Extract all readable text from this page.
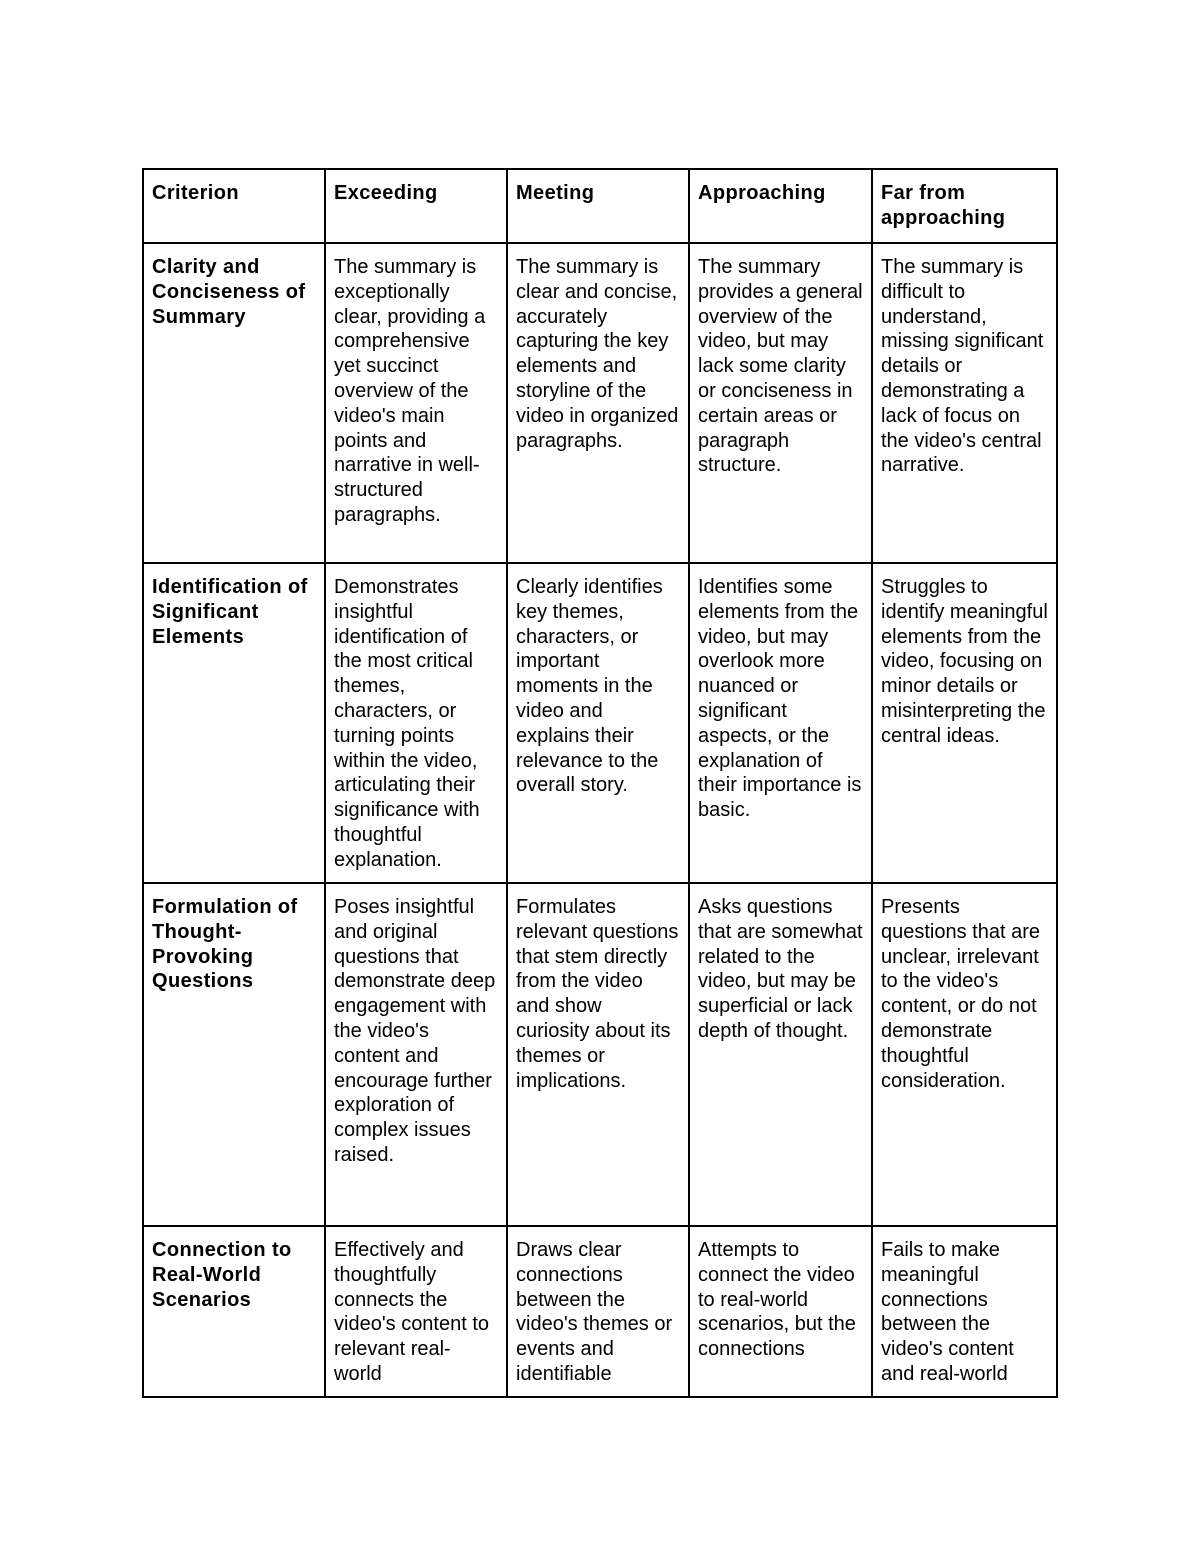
Criterion	Exceeding	Meeting	Approaching	Far from approaching
Clarity and Conciseness of Summary	The summary is exceptionally clear, providing a comprehensive yet succinct overview of the video's main points and narrative in well-structured paragraphs.	The summary is clear and concise, accurately capturing the key elements and storyline of the video in organized paragraphs.	The summary provides a general overview of the video, but may lack some clarity or conciseness in certain areas or paragraph structure.	The summary is difficult to understand, missing significant details or demonstrating a lack of focus on the video's central narrative.
Identification of Significant Elements	Demonstrates insightful identification of the most critical themes, characters, or turning points within the video, articulating their significance with thoughtful explanation.	Clearly identifies key themes, characters, or important moments in the video and explains their relevance to the overall story.	Identifies some elements from the video, but may overlook more nuanced or significant aspects, or the explanation of their importance is basic.	Struggles to identify meaningful elements from the video, focusing on minor details or misinterpreting the central ideas.
Formulation of Thought-Provoking Questions	Poses insightful and original questions that demonstrate deep engagement with the video's content and encourage further exploration of complex issues raised.	Formulates relevant questions that stem directly from the video and show curiosity about its themes or implications.	Asks questions that are somewhat related to the video, but may be superficial or lack depth of thought.	Presents questions that are unclear, irrelevant to the video's content, or do not demonstrate thoughtful consideration.

Connection to Real-World Scenarios	Effectively and thoughtfully connects the video's content to relevant real-world	Draws clear connections between the video's themes or events and identifiable	Attempts to connect the video to real-world scenarios, but the connections	Fails to make meaningful connections between the video's content and real-world
